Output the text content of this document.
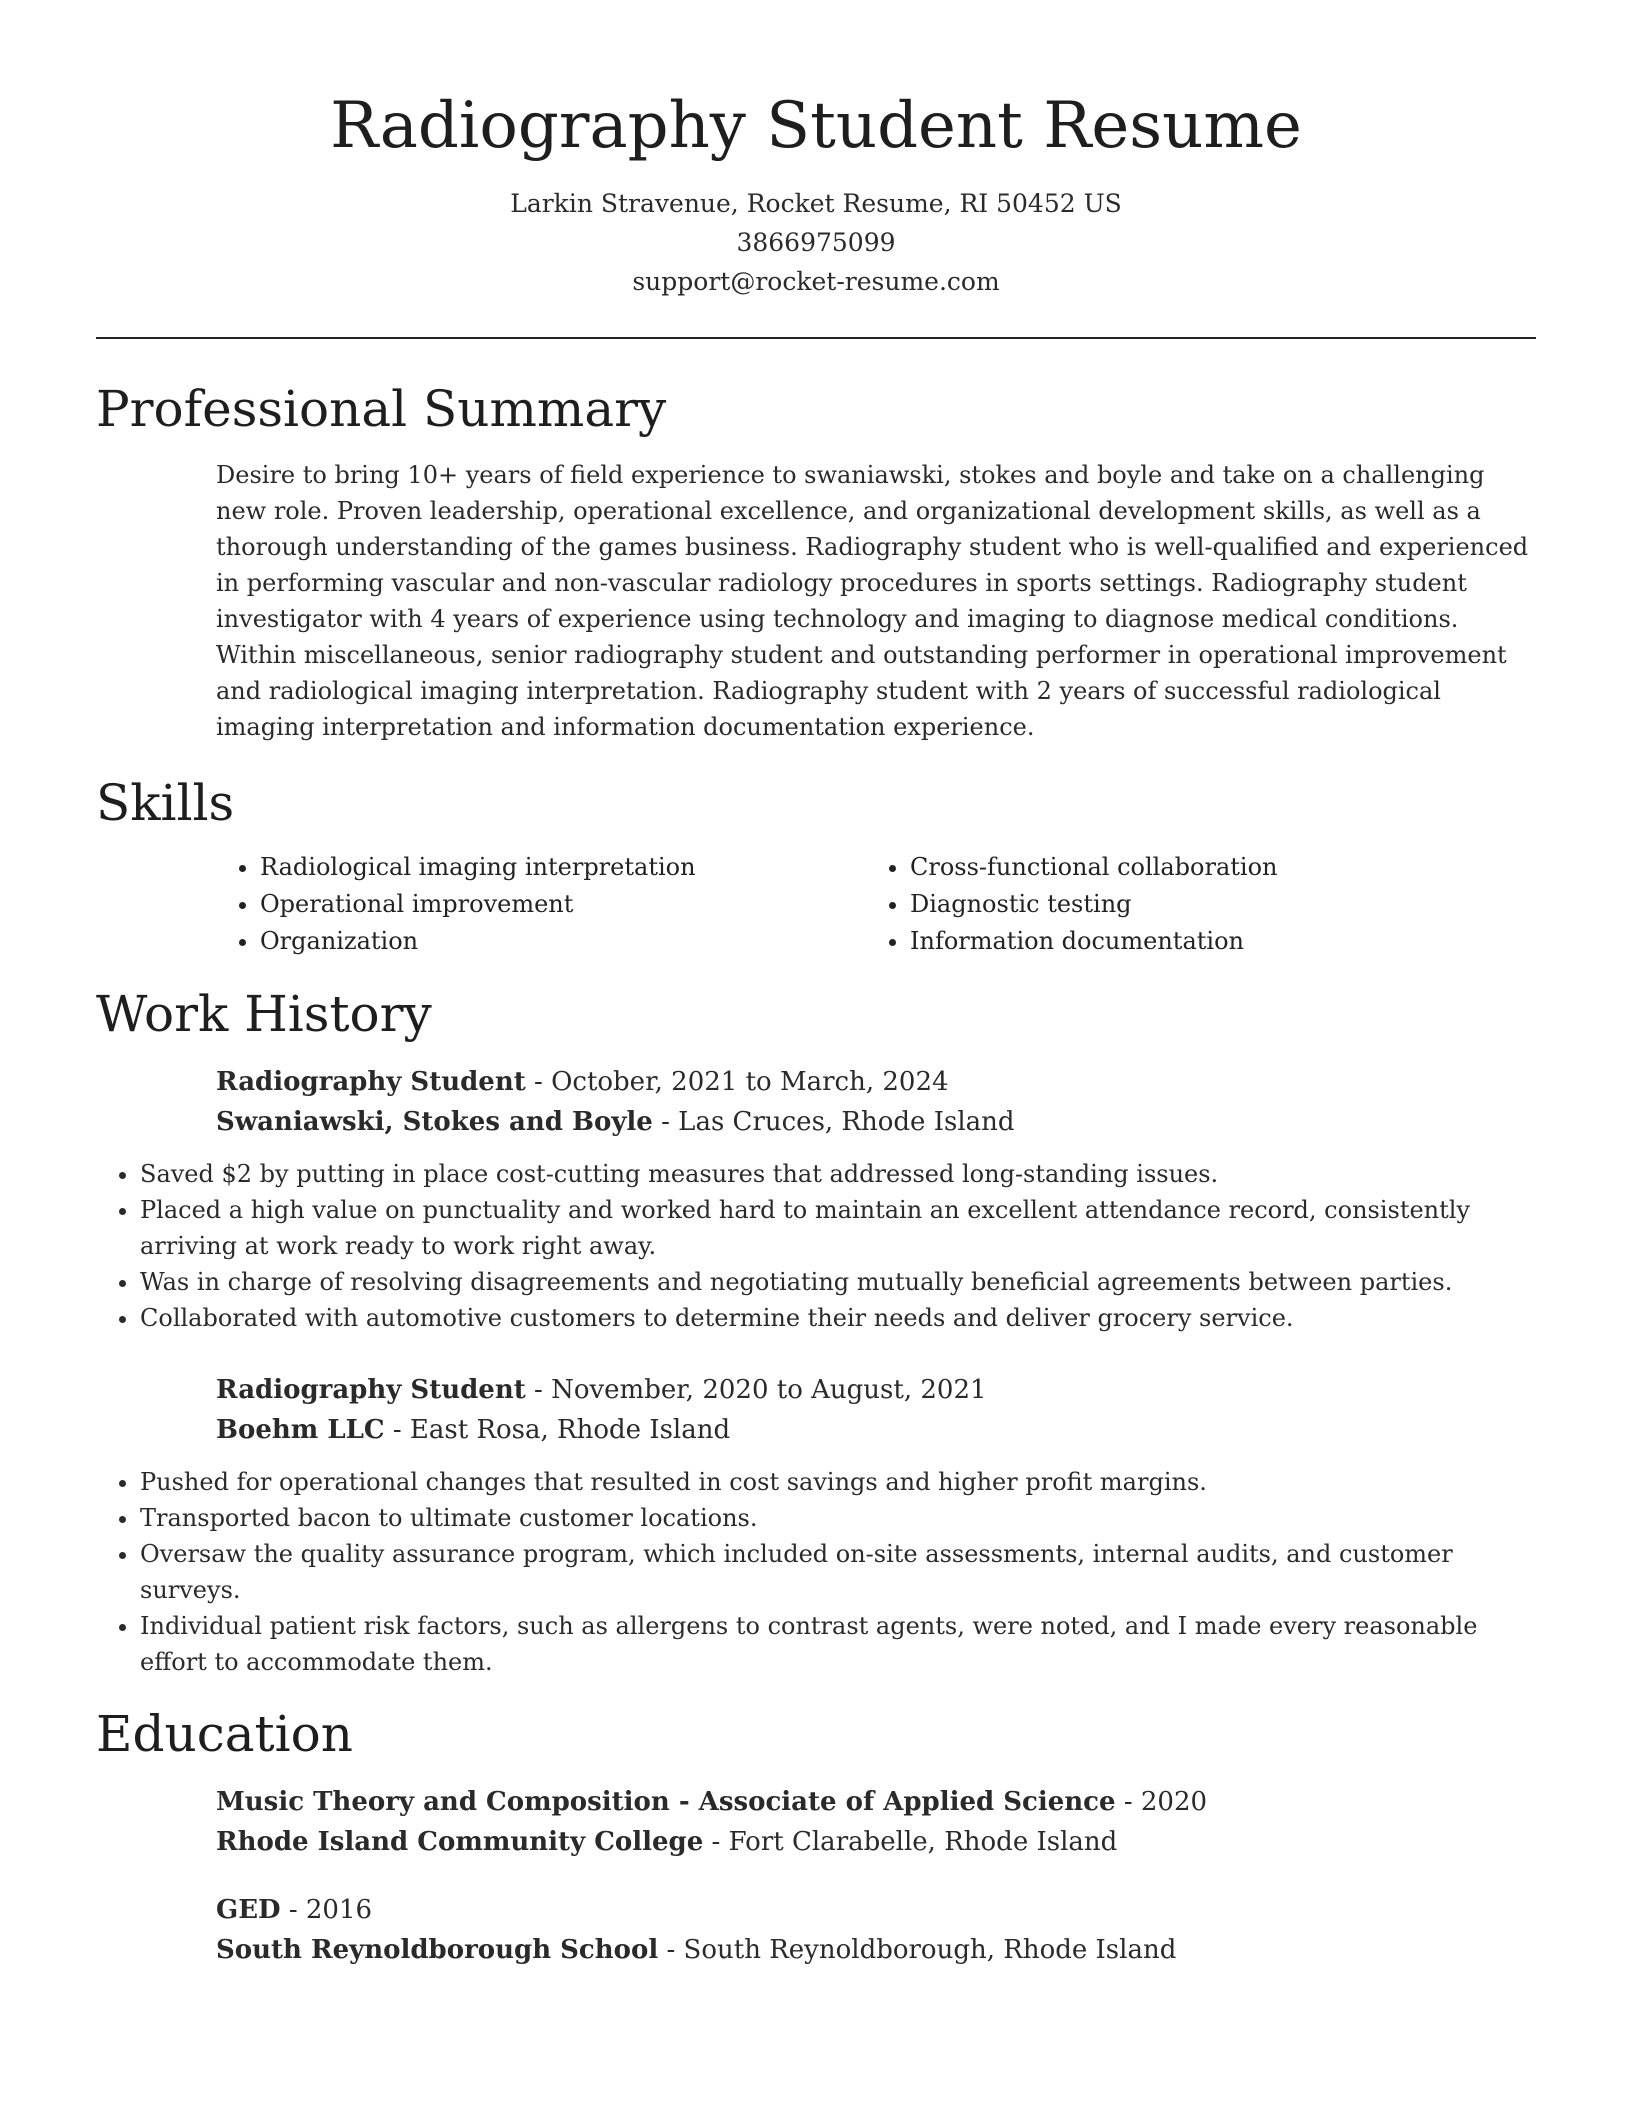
Radiography Student Resume
Larkin Stravenue, Rocket Resume, RI 50452 US
3866975099
support@rocket-resume.com
Professional Summary

Desire to bring 10+ years of field experience to swaniawski, stokes and boyle and take on a challenging new role. Proven leadership, operational excellence, and organizational development skills, as well as a thorough understanding of the games business. Radiography student who is well-qualified and experienced in performing vascular and non-vascular radiology procedures in sports settings. Radiography student investigator with 4 years of experience using technology and imaging to diagnose medical conditions. Within miscellaneous, senior radiography student and outstanding performer in operational improvement and radiological imaging interpretation. Radiography student with 2 years of successful radiological imaging interpretation and information documentation experience.

Skills
• Radiological imaging interpretation
• Operational improvement
• Organization
• Cross-functional collaboration
• Diagnostic testing
• Information documentation
Work History
Radiography Student - October, 2021 to March, 2024
Swaniawski, Stokes and Boyle - Las Cruces, Rhode Island
• Saved $2 by putting in place cost-cutting measures that addressed long-standing issues.
• Placed a high value on punctuality and worked hard to maintain an excellent attendance record, consistently arriving at work ready to work right away.
• Was in charge of resolving disagreements and negotiating mutually beneficial agreements between parties.
• Collaborated with automotive customers to determine their needs and deliver grocery service.
Radiography Student - November, 2020 to August, 2021
Boehm LLC - East Rosa, Rhode Island
• Pushed for operational changes that resulted in cost savings and higher profit margins.
• Transported bacon to ultimate customer locations.
• Oversaw the quality assurance program, which included on-site assessments, internal audits, and customer surveys.
• Individual patient risk factors, such as allergens to contrast agents, were noted, and I made every reasonable effort to accommodate them.
Education
Music Theory and Composition - Associate of Applied Science - 2020
Rhode Island Community College - Fort Clarabelle, Rhode Island
GED - 2016
South Reynoldborough School - South Reynoldborough, Rhode Island
